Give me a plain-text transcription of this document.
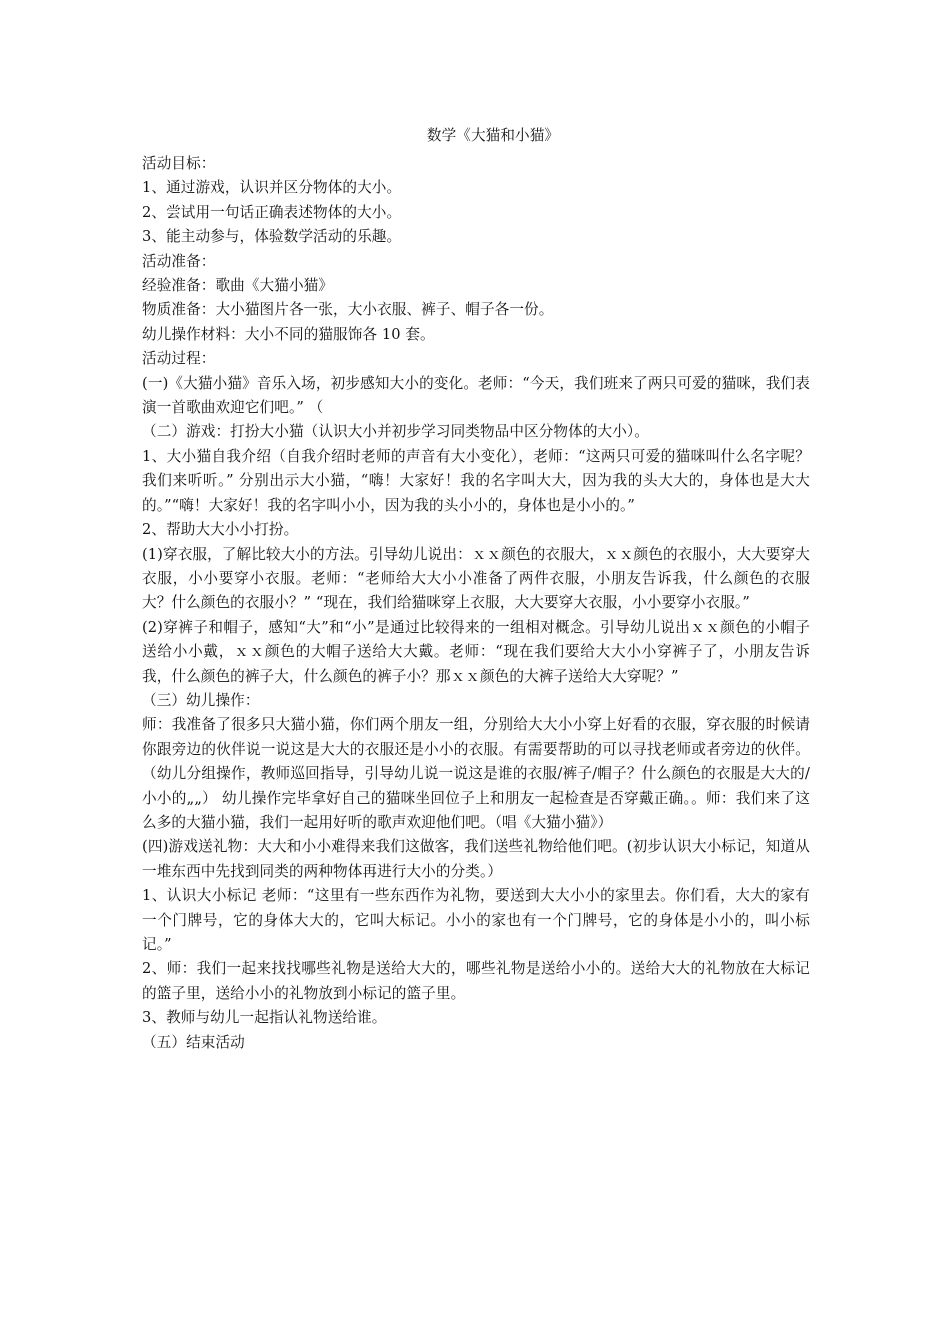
数学《大猫和小猫》

活动目标：

1、通过游戏，认识并区分物体的大小。

2、尝试用一句话正确表述物体的大小。

3、能主动参与，体验数学活动的乐趣。

活动准备：

经验准备：歌曲《大猫小猫》

物质准备：大小猫图片各一张，大小衣服、裤子、帽子各一份。

幼儿操作材料：大小不同的猫服饰各 10 套。

活动过程：

(一)《大猫小猫》音乐入场，初步感知大小的变化。老师：“今天，我们班来了两只可爱的猫咪，我们表演一首歌曲欢迎它们吧。” （

（二）游戏：打扮大小猫（认识大小并初步学习同类物品中区分物体的大小）。

1、大小猫自我介绍（自我介绍时老师的声音有大小变化），老师：“这两只可爱的猫咪叫什么名字呢？我们来听听。” 分别出示大小猫，“嗨！大家好！我的名字叫大大，因为我的头大大的，身体也是大大的。”“嗨！大家好！我的名字叫小小，因为我的头小小的，身体也是小小的。”

2、帮助大大小小打扮。

(1)穿衣服，了解比较大小的方法。引导幼儿说出：ｘｘ颜色的衣服大，ｘｘ颜色的衣服小，大大要穿大衣服，小小要穿小衣服。老师：“老师给大大小小准备了两件衣服，小朋友告诉我，什么颜色的衣服大？什么颜色的衣服小？” “现在，我们给猫咪穿上衣服，大大要穿大衣服，小小要穿小衣服。”

(2)穿裤子和帽子，感知“大”和“小”是通过比较得来的一组相对概念。引导幼儿说出ｘｘ颜色的小帽子送给小小戴，ｘｘ颜色的大帽子送给大大戴。老师：“现在我们要给大大小小穿裤子了，小朋友告诉我，什么颜色的裤子大，什么颜色的裤子小？那ｘｘ颜色的大裤子送给大大穿呢？”

（三）幼儿操作：

师：我准备了很多只大猫小猫，你们两个朋友一组，分别给大大小小穿上好看的衣服，穿衣服的时候请你跟旁边的伙伴说一说这是大大的衣服还是小小的衣服。有需要帮助的可以寻找老师或者旁边的伙伴。（幼儿分组操作，教师巡回指导，引导幼儿说一说这是谁的衣服/裤子/帽子？什么颜色的衣服是大大的/小小的„„） 幼儿操作完毕拿好自己的猫咪坐回位子上和朋友一起检查是否穿戴正确。。师：我们来了这么多的大猫小猫，我们一起用好听的歌声欢迎他们吧。（唱《大猫小猫》）

(四)游戏送礼物：大大和小小难得来我们这做客，我们送些礼物给他们吧。(初步认识大小标记，知道从一堆东西中先找到同类的两种物体再进行大小的分类。）

1、认识大小标记 老师：“这里有一些东西作为礼物，要送到大大小小的家里去。你们看，大大的家有一个门牌号，它的身体大大的，它叫大标记。小小的家也有一个门牌号，它的身体是小小的，叫小标记。”

2、师：我们一起来找找哪些礼物是送给大大的，哪些礼物是送给小小的。送给大大的礼物放在大标记的篮子里，送给小小的礼物放到小标记的篮子里。

3、教师与幼儿一起指认礼物送给谁。

（五）结束活动
